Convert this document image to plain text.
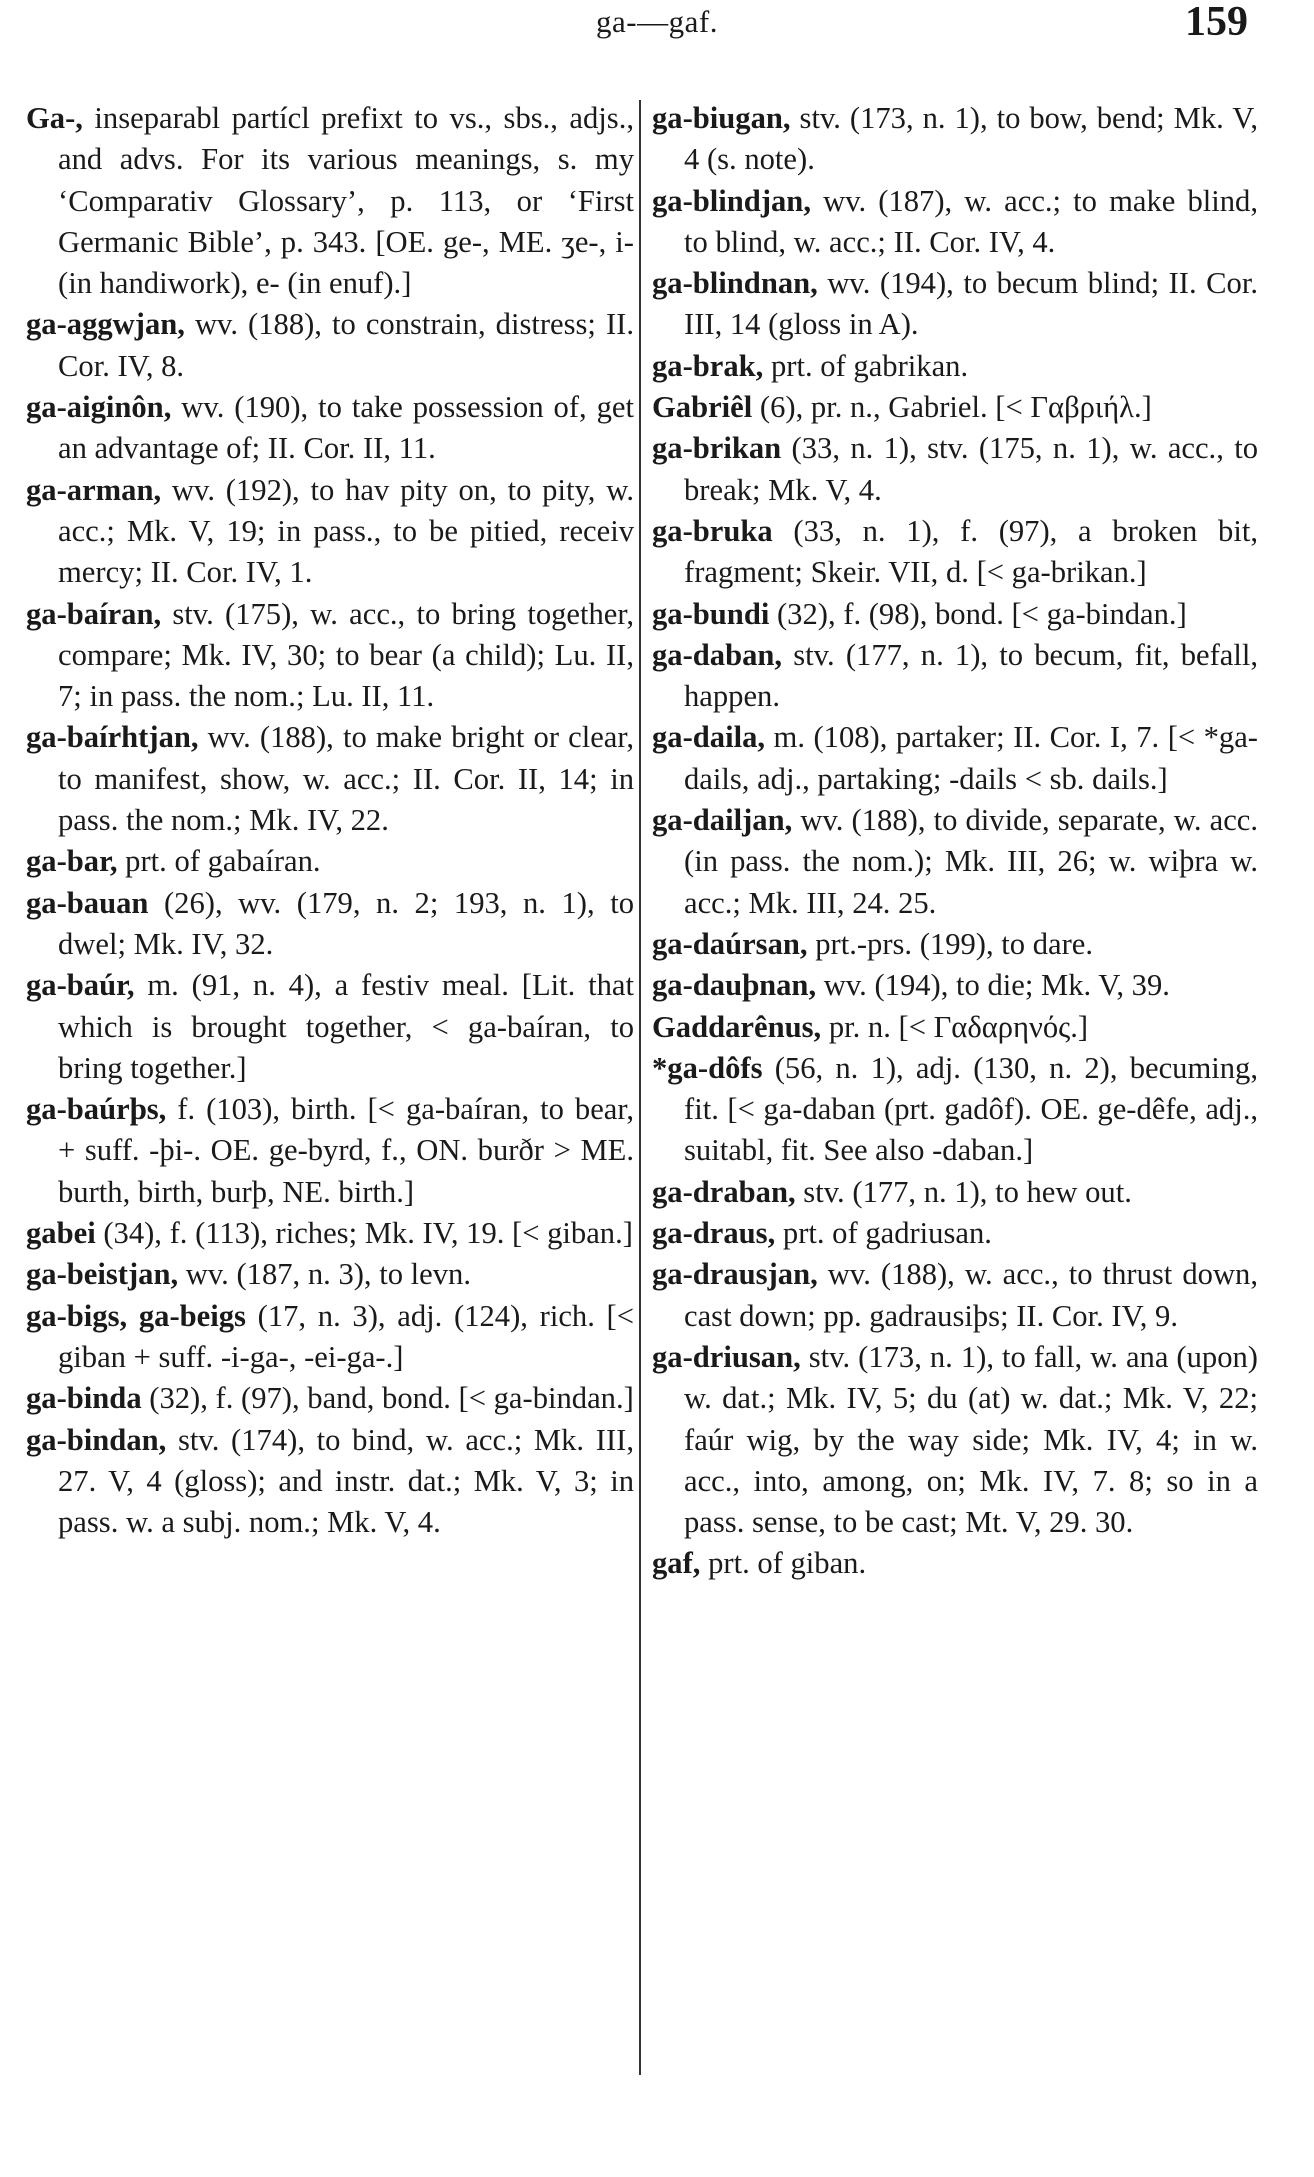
ga-—gaf.	159

Ga-, inseparabl partícl prefixt to vs., sbs., adjs., and advs. For its various meanings, s. my ‘Comparativ Glossary’, p. 113, or ‘First Germanic Bible’, p. 343. [OE. ge-, ME. ʒe-, i- (in handiwork), e- (in enuf).]

ga-aggwjan, wv. (188), to constrain, distress; II. Cor. IV, 8.

ga-aiginôn, wv. (190), to take possession of, get an advantage of; II. Cor. II, 11.

ga-arman, wv. (192), to hav pity on, to pity, w. acc.; Mk. V, 19; in pass., to be pitied, receiv mercy; II. Cor. IV, 1.

ga-baíran, stv. (175), w. acc., to bring together, compare; Mk. IV, 30; to bear (a child); Lu. II, 7; in pass. the nom.; Lu. II, 11.

ga-baírhtjan, wv. (188), to make bright or clear, to manifest, show, w. acc.; II. Cor. II, 14; in pass. the nom.; Mk. IV, 22.

ga-bar, prt. of gabaíran.

ga-bauan (26), wv. (179, n. 2; 193, n. 1), to dwel; Mk. IV, 32.

ga-baúr, m. (91, n. 4), a festiv meal. [Lit. that which is brought together, < ga-baíran, to bring together.]

ga-baúrþs, f. (103), birth. [< ga-baíran, to bear, + suff. -þi-. OE. ge-byrd, f., ON. burðr > ME. burth, birth, burþ, NE. birth.]

gabei (34), f. (113), riches; Mk. IV, 19. [< giban.]

ga-beistjan, wv. (187, n. 3), to levn.

ga-bigs, ga-beigs (17, n. 3), adj. (124), rich. [< giban + suff. -i-ga-, -ei-ga-.]

ga-binda (32), f. (97), band, bond. [< ga-bindan.]

ga-bindan, stv. (174), to bind, w. acc.; Mk. III, 27. V, 4 (gloss); and instr. dat.; Mk. V, 3; in pass. w. a subj. nom.; Mk. V, 4.

ga-biugan, stv. (173, n. 1), to bow, bend; Mk. V, 4 (s. note).

ga-blindjan, wv. (187), w. acc.; to make blind, to blind, w. acc.; II. Cor. IV, 4.

ga-blindnan, wv. (194), to becum blind; II. Cor. III, 14 (gloss in A).

ga-brak, prt. of gabrikan.

Gabriêl (6), pr. n., Gabriel. [< Γαβριήλ.]

ga-brikan (33, n. 1), stv. (175, n. 1), w. acc., to break; Mk. V, 4.

ga-bruka (33, n. 1), f. (97), a broken bit, fragment; Skeir. VII, d. [< ga-brikan.]

ga-bundi (32), f. (98), bond. [< ga-bindan.]

ga-daban, stv. (177, n. 1), to becum, fit, befall, happen.

ga-daila, m. (108), partaker; II. Cor. I, 7. [< *ga-dails, adj., partaking; -dails < sb. dails.]

ga-dailjan, wv. (188), to divide, separate, w. acc. (in pass. the nom.); Mk. III, 26; w. wiþra w. acc.; Mk. III, 24. 25.

ga-daúrsan, prt.-prs. (199), to dare.

ga-dauþnan, wv. (194), to die; Mk. V, 39.

Gaddarênus, pr. n. [< Γαδαρηνός.]

*ga-dôfs (56, n. 1), adj. (130, n. 2), becuming, fit. [< ga-daban (prt. gadôf). OE. ge-dêfe, adj., suitabl, fit. See also -daban.]

ga-draban, stv. (177, n. 1), to hew out.

ga-draus, prt. of gadriusan.

ga-drausjan, wv. (188), w. acc., to thrust down, cast down; pp. gadrausiþs; II. Cor. IV, 9.

ga-driusan, stv. (173, n. 1), to fall, w. ana (upon) w. dat.; Mk. IV, 5; du (at) w. dat.; Mk. V, 22; faúr wig, by the way side; Mk. IV, 4; in w. acc., into, among, on; Mk. IV, 7. 8; so in a pass. sense, to be cast; Mt. V, 29. 30.

gaf, prt. of giban.
